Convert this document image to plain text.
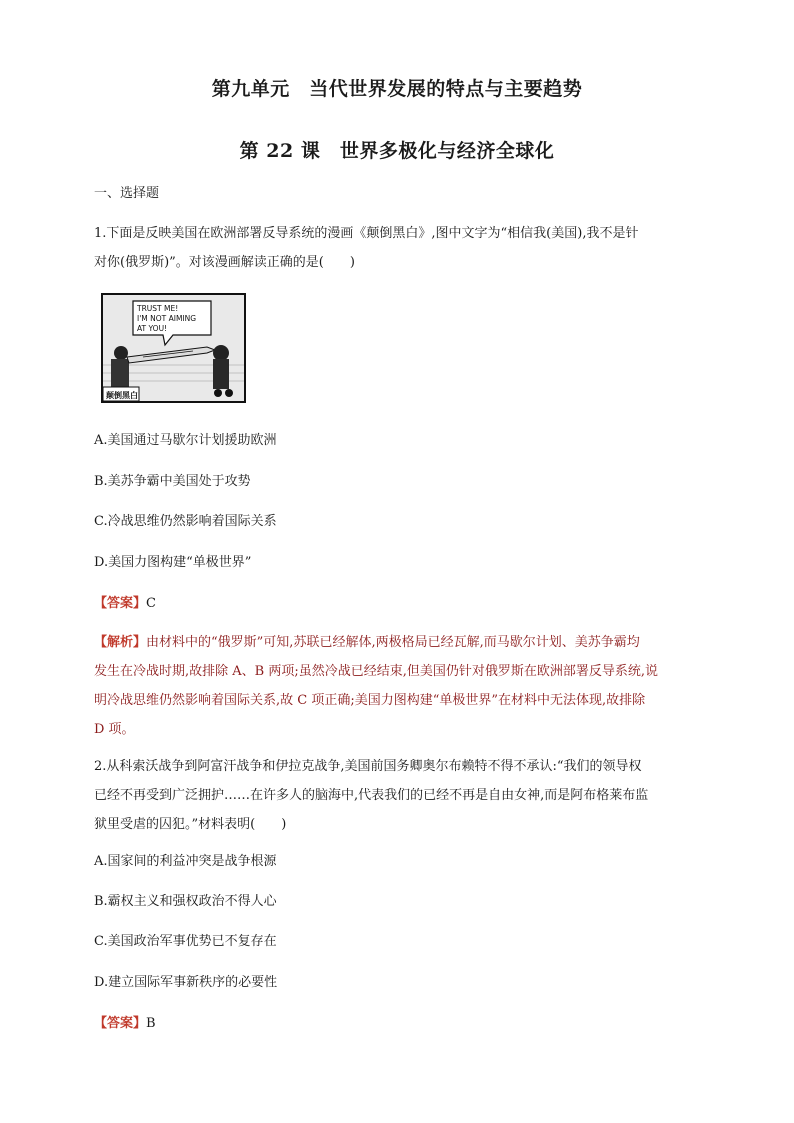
第九单元　当代世界发展的特点与主要趋势
第 22 课　世界多极化与经济全球化
一、选择题
1.下面是反映美国在欧洲部署反导系统的漫画《颠倒黑白》,图中文字为“相信我(美国),我不是针
对你(俄罗斯)”。对该漫画解读正确的是(　　)
TRUST ME!
I'M NOT AIMING
AT YOU!
颠倒黑白
A.美国通过马歇尔计划援助欧洲
B.美苏争霸中美国处于攻势
C.冷战思维仍然影响着国际关系
D.美国力图构建“单极世界”
【答案】C
【解析】由材料中的“俄罗斯”可知,苏联已经解体,两极格局已经瓦解,而马歇尔计划、美苏争霸均
发生在冷战时期,故排除 A、B 两项;虽然冷战已经结束,但美国仍针对俄罗斯在欧洲部署反导系统,说
明冷战思维仍然影响着国际关系,故 C 项正确;美国力图构建“单极世界”在材料中无法体现,故排除
D 项。
2.从科索沃战争到阿富汗战争和伊拉克战争,美国前国务卿奥尔布赖特不得不承认:“我们的领导权
已经不再受到广泛拥护……在许多人的脑海中,代表我们的已经不再是自由女神,而是阿布格莱布监
狱里受虐的囚犯。”材料表明(　　)
A.国家间的利益冲突是战争根源
B.霸权主义和强权政治不得人心
C.美国政治军事优势已不复存在
D.建立国际军事新秩序的必要性
【答案】B
